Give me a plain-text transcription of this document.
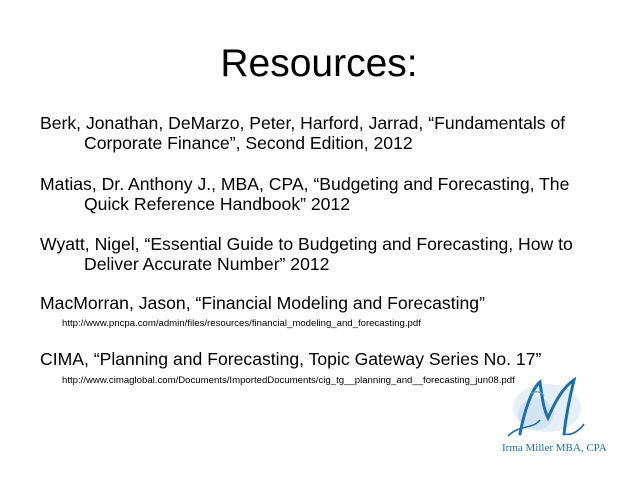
Resources:
Berk, Jonathan, DeMarzo, Peter, Harford, Jarrad, “Fundamentals of
Corporate Finance”, Second Edition, 2012
Matias, Dr. Anthony J., MBA, CPA, “Budgeting and Forecasting, The
Quick Reference Handbook” 2012
Wyatt, Nigel, “Essential Guide to Budgeting and Forecasting, How to
Deliver Accurate Number” 2012
MacMorran, Jason, “Financial Modeling and Forecasting”
http://www.pncpa.com/admin/files/resources/financial_modeling_and_forecasting.pdf
CIMA, “Planning and Forecasting, Topic Gateway Series No. 17”
http://www.cimaglobal.com/Documents/ImportedDocuments/cig_tg__planning_and__forecasting_jun08.pdf
Irma Miller MBA, CPA
